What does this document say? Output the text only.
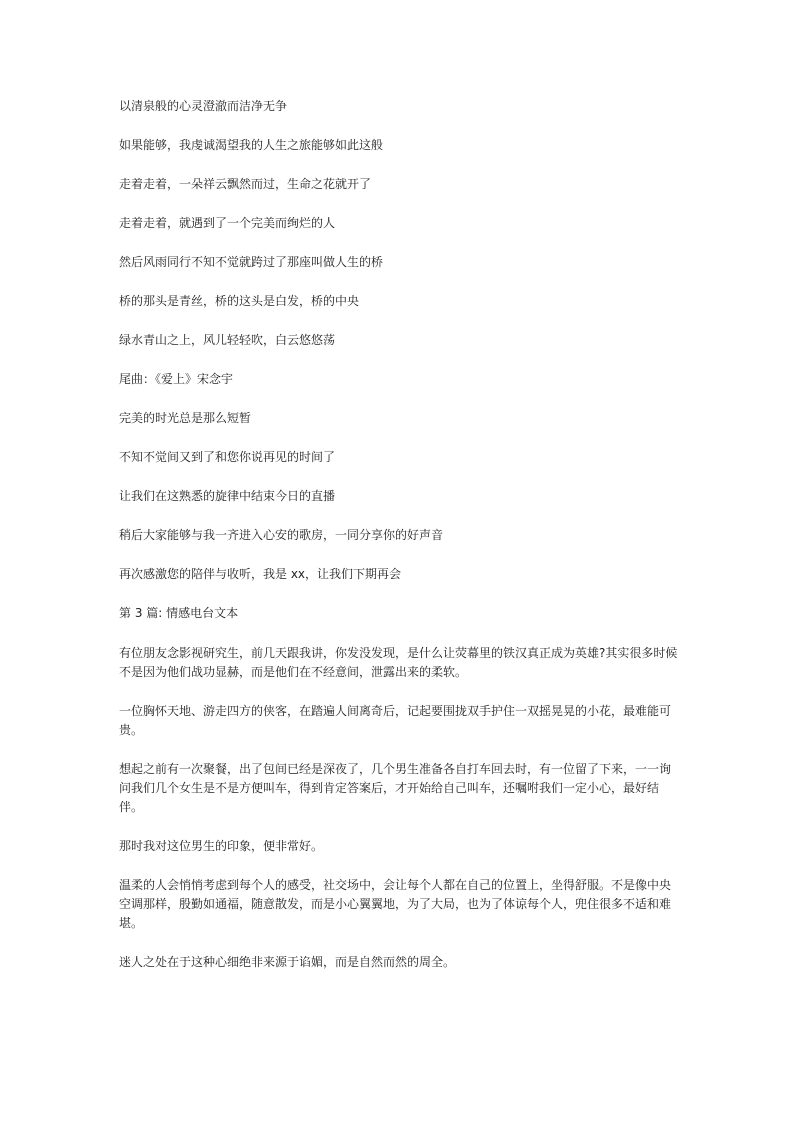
以清泉般的心灵澄澈而洁净无争

如果能够，我虔诚渴望我的人生之旅能够如此这般

走着走着，一朵祥云飘然而过，生命之花就开了

走着走着，就遇到了一个完美而绚烂的人

然后风雨同行不知不觉就跨过了那座叫做人生的桥

桥的那头是青丝，桥的这头是白发，桥的中央

绿水青山之上，风儿轻轻吹，白云悠悠荡

尾曲：《爱上》宋念宇

完美的时光总是那么短暂

不知不觉间又到了和您你说再见的时间了

让我们在这熟悉的旋律中结束今日的直播

稍后大家能够与我一齐进入心安的歌房，一同分享你的好声音

再次感激您的陪伴与收听，我是 xx，让我们下期再会

第 3 篇: 情感电台文本

有位朋友念影视研究生，前几天跟我讲，你发没发现，是什么让荧幕里的铁汉真正成为英雄?其实很多时候不是因为他们战功显赫，而是他们在不经意间，泄露出来的柔软。

一位胸怀天地、游走四方的侠客，在踏遍人间离奇后，记起要围拢双手护住一双摇晃晃的小花，最难能可贵。

想起之前有一次聚餐，出了包间已经是深夜了，几个男生准备各自打车回去时，有一位留了下来，一一询问我们几个女生是不是方便叫车，得到肯定答案后，才开始给自己叫车，还嘱咐我们一定小心，最好结伴。

那时我对这位男生的印象，便非常好。

温柔的人会悄悄考虑到每个人的感受，社交场中，会让每个人都在自己的位置上，坐得舒服。不是像中央空调那样，殷勤如通福，随意散发，而是小心翼翼地，为了大局，也为了体谅每个人，兜住很多不适和难堪。

迷人之处在于这种心细绝非来源于谄媚，而是自然而然的周全。
